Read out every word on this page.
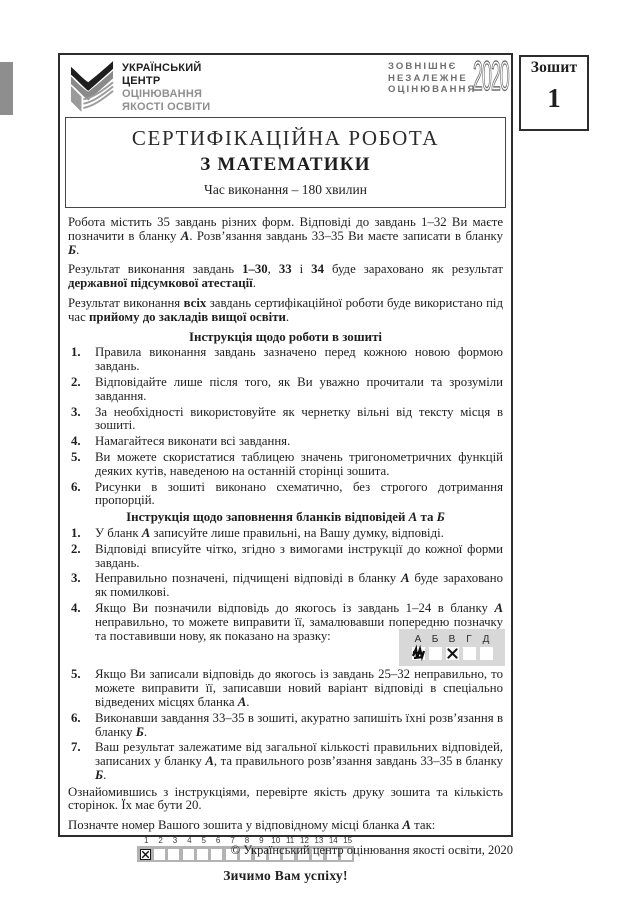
Зошит
1
УКРАЇНСЬКИЙ
ЦЕНТР
ОЦІНЮВАННЯ
ЯКОСТІ ОСВІТИ
ЗОВНІШНЄ
НЕЗАЛЕЖНЕ
ОЦІНЮВАННЯ
2020
СЕРТИФІКАЦІЙНА РОБОТА
З МАТЕМАТИКИ
Час виконання – 180 хвилин

Робота містить 35 завдань різних форм. Відповіді до завдань 1–32 Ви маєте позначити в бланку А. Розв’язання завдань 33–35 Ви маєте записати в бланку Б.

Результат виконання завдань 1–30, 33 і 34 буде зараховано як результат державної підсумкової атестації.

Результат виконання всіх завдань сертифікаційної роботи буде використано під час прийому до закладів вищої освіти.

Інструкція щодо роботи в зошиті
1.	Правила виконання завдань зазначено перед кожною новою формою завдань.
2.	Відповідайте лише після того, як Ви уважно прочитали та зрозуміли завдання.
3.	За необхідності використовуйте як чернетку вільні від тексту місця в зошиті.
4.	Намагайтеся виконати всі завдання.
5.	Ви можете скористатися таблицею значень тригонометричних функцій деяких кутів, наведеною на останній сторінці зошита.
6.	Рисунки в зошиті виконано схематично, без строгого дотримання пропорцій.
Інструкція щодо заповнення бланків відповідей А та Б
1.	У бланк А записуйте лише правильні, на Вашу думку, відповіді.
2.	Відповіді вписуйте чітко, згідно з вимогами інструкції до кожної форми завдань.
3.	Неправильно позначені, підчищені відповіді в бланку А буде зараховано як помилкові.
4.	Якщо Ви позначили відповідь до якогось із завдань 1–24 в бланку А неправильно, то можете виправити її, замалювавши попередню позначку та поставивши нову, як показано на зразку:	А	Б	В	Г	Д
5.	Якщо Ви записали відповідь до якогось із завдань 25–32 неправильно, то можете виправити її, записавши новий варіант відповіді в спеціально відведених місцях бланка А.
6.	Виконавши завдання 33–35 в зошиті, акуратно запишіть їхні розв’язання в бланку Б.
7.	Ваш результат залежатиме від загальної кількості правильних відповідей, записаних у бланку А, та правильного розв’язання завдань 33–35 в бланку Б.

Ознайомившись з інструкціями, перевірте якість друку зошита та кількість сторінок. Їх має бути 20.

Позначте номер Вашого зошита у відповідному місці бланка А так:

1	2	3	4	5	6	7	8	9 10 11 12 13 14 15
Зичимо Вам успіху!
© Український центр оцінювання якості освіти, 2020
